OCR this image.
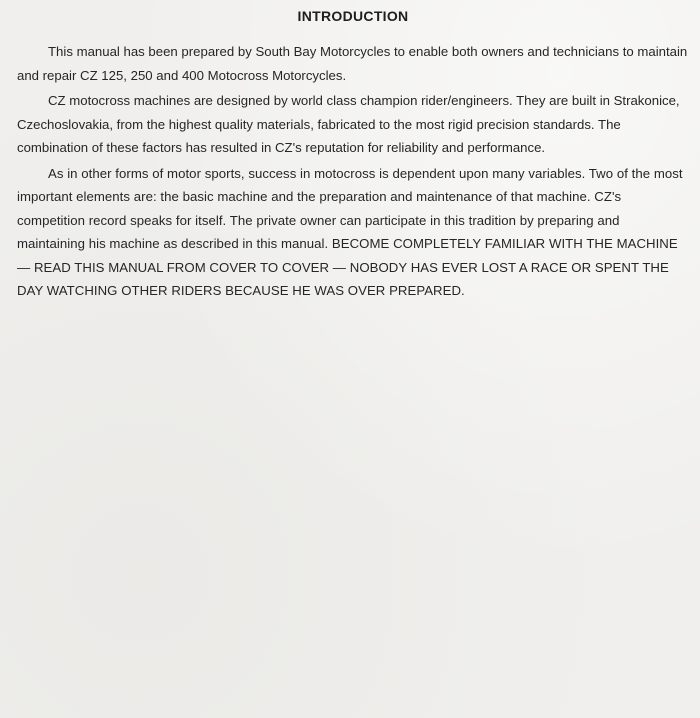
INTRODUCTION

This manual has been prepared by South Bay Motorcycles to enable both owners and technicians to maintain and repair CZ 125, 250 and 400 Motocross Motorcycles.

CZ motocross machines are designed by world class champion rider/engineers. They are built in Strakonice, Czechoslovakia, from the highest quality materials, fabricated to the most rigid precision standards. The combination of these factors has resulted in CZ's reputation for reliability and performance.

As in other forms of motor sports, success in motocross is dependent upon many variables. Two of the most important elements are: the basic machine and the preparation and maintenance of that machine. CZ's competition record speaks for itself. The private owner can participate in this tradition by preparing and maintaining his machine as described in this manual. BECOME COMPLETELY FAMILIAR WITH THE MACHINE — READ THIS MANUAL FROM COVER TO COVER — NOBODY HAS EVER LOST A RACE OR SPENT THE DAY WATCHING OTHER RIDERS BECAUSE HE WAS OVER PREPARED.
